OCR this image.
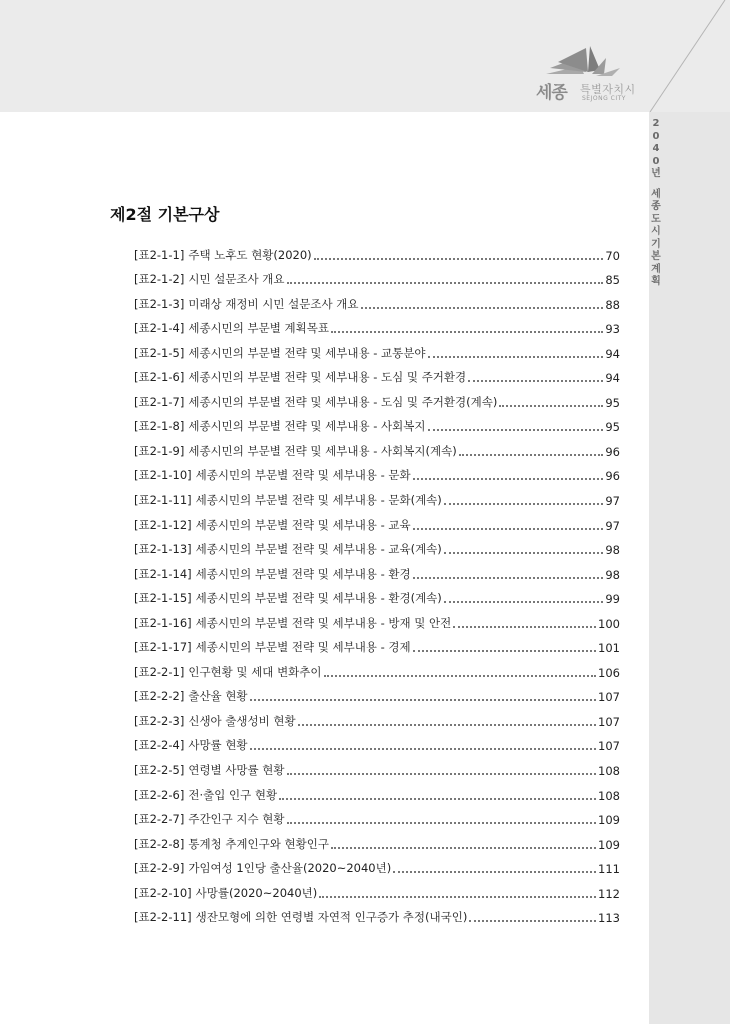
세종 특별자치시
SEJONG CITY
2
0
4
0
년
세
종
도
시
기
본
계
획
제2절 기본구상
[표2-1-1] 주택 노후도 현황(2020)	70
[표2-1-2] 시민 설문조사 개요	85
[표2-1-3] 미래상 재정비 시민 설문조사 개요	88
[표2-1-4] 세종시민의 부문별 계획목표	93
[표2-1-5] 세종시민의 부문별 전략 및 세부내용 - 교통분야	94
[표2-1-6] 세종시민의 부문별 전략 및 세부내용 - 도심 및 주거환경	94
[표2-1-7] 세종시민의 부문별 전략 및 세부내용 - 도심 및 주거환경(계속)	95
[표2-1-8] 세종시민의 부문별 전략 및 세부내용 - 사회복지	95
[표2-1-9] 세종시민의 부문별 전략 및 세부내용 - 사회복지(계속)	96
[표2-1-10] 세종시민의 부문별 전략 및 세부내용 - 문화	96
[표2-1-11] 세종시민의 부문별 전략 및 세부내용 - 문화(계속)	97
[표2-1-12] 세종시민의 부문별 전략 및 세부내용 - 교육	97
[표2-1-13] 세종시민의 부문별 전략 및 세부내용 - 교육(계속)	98
[표2-1-14] 세종시민의 부문별 전략 및 세부내용 - 환경	98
[표2-1-15] 세종시민의 부문별 전략 및 세부내용 - 환경(계속)	99
[표2-1-16] 세종시민의 부문별 전략 및 세부내용 - 방재 및 안전	100
[표2-1-17] 세종시민의 부문별 전략 및 세부내용 - 경제	101
[표2-2-1] 인구현황 및 세대 변화추이	106
[표2-2-2] 출산율 현황	107
[표2-2-3] 신생아 출생성비 현황	107
[표2-2-4] 사망률 현황	107
[표2-2-5] 연령별 사망률 현황	108
[표2-2-6] 전·출입 인구 현황	108
[표2-2-7] 주간인구 지수 현황	109
[표2-2-8] 통계청 추계인구와 현황인구	109
[표2-2-9] 가임여성 1인당 출산율(2020~2040년)	111
[표2-2-10] 사망률(2020~2040년)	112
[표2-2-11] 생잔모형에 의한 연령별 자연적 인구증가 추정(내국인)	113
